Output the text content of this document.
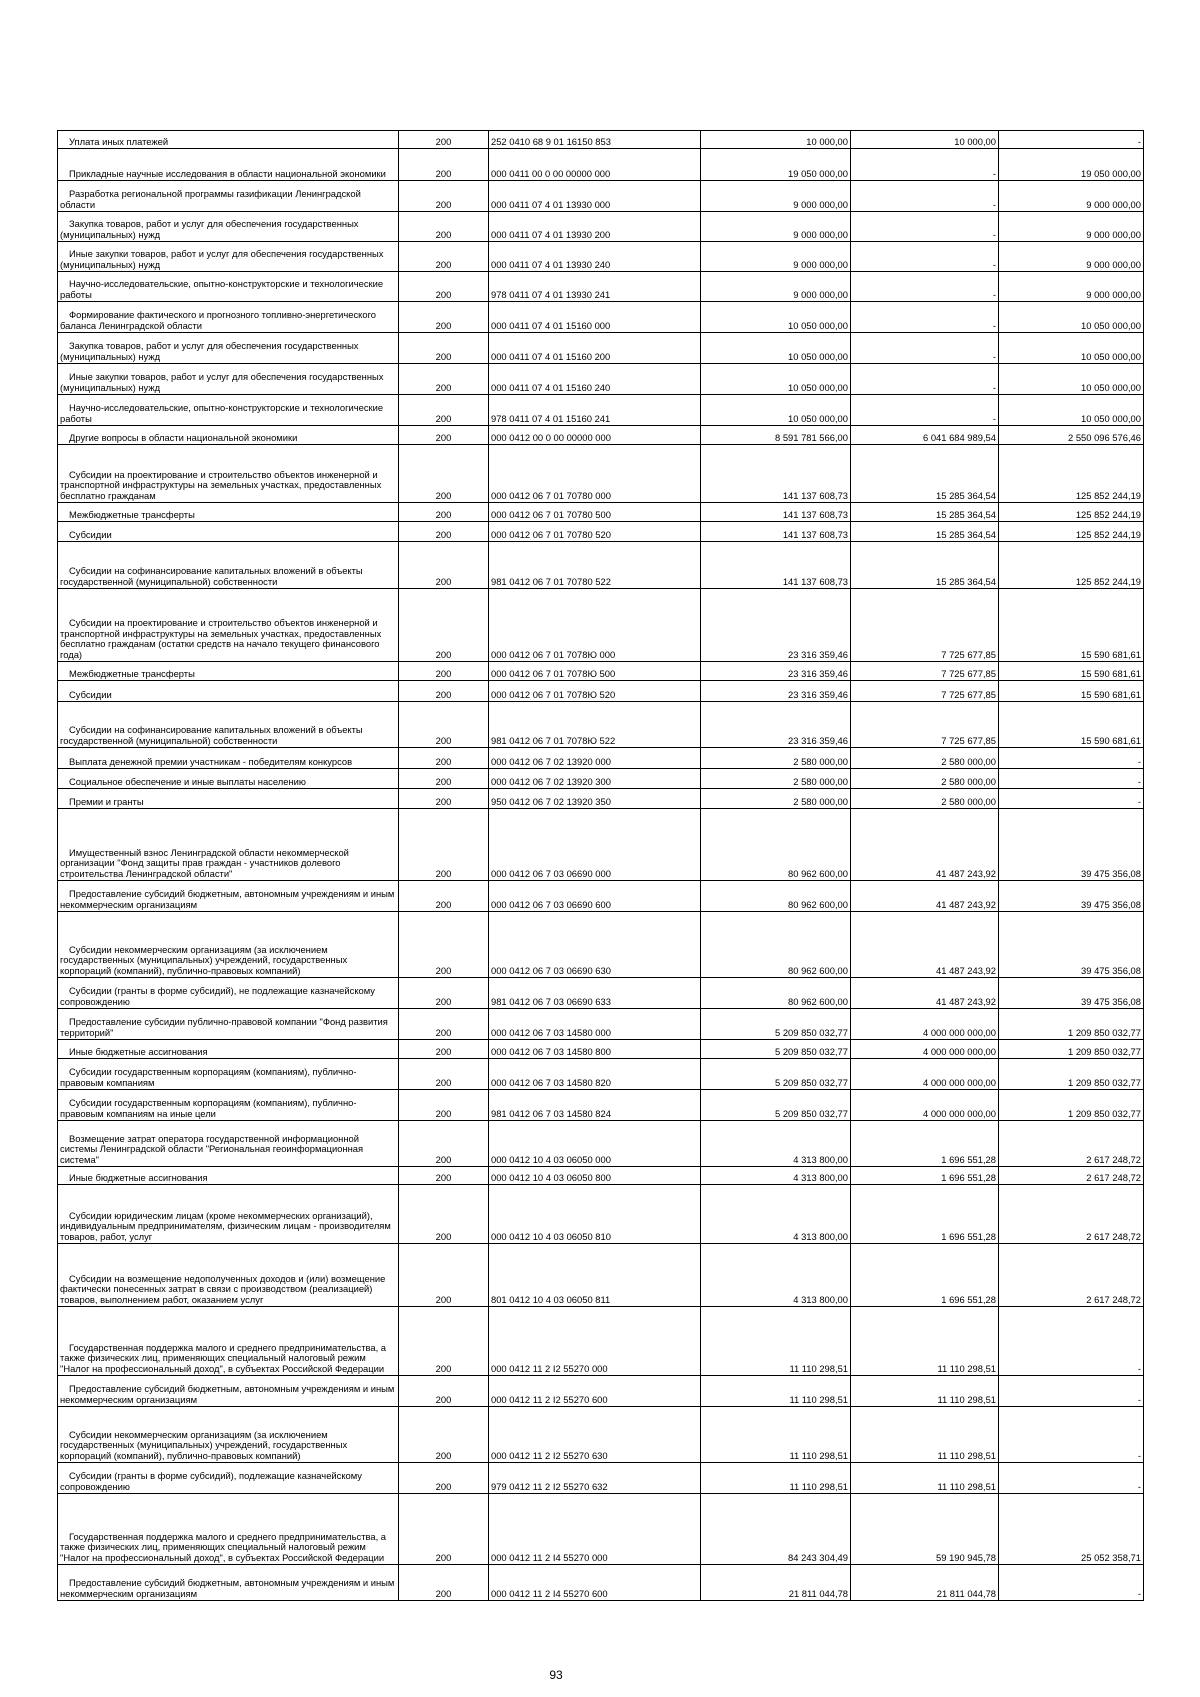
Уплата иных платежей	200	252 0410 68 9 01 16150 853	10 000,00	10 000,00	-
Прикладные научные исследования в области национальной экономики	200	000 0411 00 0 00 00000 000	19 050 000,00	-	19 050 000,00
Разработка региональной программы газификации Ленинградской области	200	000 0411 07 4 01 13930 000	9 000 000,00	-	9 000 000,00
Закупка товаров, работ и услуг для обеспечения государственных (муниципальных) нужд	200	000 0411 07 4 01 13930 200	9 000 000,00	-	9 000 000,00
Иные закупки товаров, работ и услуг для обеспечения государственных (муниципальных) нужд	200	000 0411 07 4 01 13930 240	9 000 000,00	-	9 000 000,00
Научно-исследовательские, опытно-конструкторские и технологические работы	200	978 0411 07 4 01 13930 241	9 000 000,00	-	9 000 000,00
Формирование фактического и прогнозного топливно-энергетического баланса Ленинградской области	200	000 0411 07 4 01 15160 000	10 050 000,00	-	10 050 000,00
Закупка товаров, работ и услуг для обеспечения государственных (муниципальных) нужд	200	000 0411 07 4 01 15160 200	10 050 000,00	-	10 050 000,00
Иные закупки товаров, работ и услуг для обеспечения государственных (муниципальных) нужд	200	000 0411 07 4 01 15160 240	10 050 000,00	-	10 050 000,00
Научно-исследовательские, опытно-конструкторские и технологические работы	200	978 0411 07 4 01 15160 241	10 050 000,00	-	10 050 000,00
Другие вопросы в области национальной экономики	200	000 0412 00 0 00 00000 000	8 591 781 566,00	6 041 684 989,54	2 550 096 576,46
Субсидии на проектирование и строительство объектов инженерной и транспортной инфраструктуры на земельных участках, предоставленных бесплатно гражданам	200	000 0412 06 7 01 70780 000	141 137 608,73	15 285 364,54	125 852 244,19
Межбюджетные трансферты	200	000 0412 06 7 01 70780 500	141 137 608,73	15 285 364,54	125 852 244,19
Субсидии	200	000 0412 06 7 01 70780 520	141 137 608,73	15 285 364,54	125 852 244,19
Субсидии на софинансирование капитальных вложений в объекты государственной (муниципальной) собственности	200	981 0412 06 7 01 70780 522	141 137 608,73	15 285 364,54	125 852 244,19
Субсидии на проектирование и строительство объектов инженерной и транспортной инфраструктуры на земельных участках, предоставленных бесплатно гражданам (остатки средств на начало текущего финансового года)	200	000 0412 06 7 01 7078Ю 000	23 316 359,46	7 725 677,85	15 590 681,61
Межбюджетные трансферты	200	000 0412 06 7 01 7078Ю 500	23 316 359,46	7 725 677,85	15 590 681,61
Субсидии	200	000 0412 06 7 01 7078Ю 520	23 316 359,46	7 725 677,85	15 590 681,61
Субсидии на софинансирование капитальных вложений в объекты государственной (муниципальной) собственности	200	981 0412 06 7 01 7078Ю 522	23 316 359,46	7 725 677,85	15 590 681,61
Выплата денежной премии участникам - победителям конкурсов	200	000 0412 06 7 02 13920 000	2 580 000,00	2 580 000,00	-
Социальное обеспечение и иные выплаты населению	200	000 0412 06 7 02 13920 300	2 580 000,00	2 580 000,00	-
Премии и гранты	200	950 0412 06 7 02 13920 350	2 580 000,00	2 580 000,00	-
Имущественный взнос Ленинградской области некоммерческой организации "Фонд защиты прав граждан - участников долевого строительства Ленинградской области"	200	000 0412 06 7 03 06690 000	80 962 600,00	41 487 243,92	39 475 356,08
Предоставление субсидий бюджетным, автономным учреждениям и иным некоммерческим организациям	200	000 0412 06 7 03 06690 600	80 962 600,00	41 487 243,92	39 475 356,08
Субсидии некоммерческим организациям (за исключением государственных (муниципальных) учреждений, государственных корпораций (компаний), публично-правовых компаний)	200	000 0412 06 7 03 06690 630	80 962 600,00	41 487 243,92	39 475 356,08
Субсидии (гранты в форме субсидий), не подлежащие казначейскому сопровождению	200	981 0412 06 7 03 06690 633	80 962 600,00	41 487 243,92	39 475 356,08
Предоставление субсидии публично-правовой компании "Фонд развития территорий"	200	000 0412 06 7 03 14580 000	5 209 850 032,77	4 000 000 000,00	1 209 850 032,77
Иные бюджетные ассигнования	200	000 0412 06 7 03 14580 800	5 209 850 032,77	4 000 000 000,00	1 209 850 032,77
Субсидии государственным корпорациям (компаниям), публично-правовым компаниям	200	000 0412 06 7 03 14580 820	5 209 850 032,77	4 000 000 000,00	1 209 850 032,77
Субсидии государственным корпорациям (компаниям), публично-правовым компаниям на иные цели	200	981 0412 06 7 03 14580 824	5 209 850 032,77	4 000 000 000,00	1 209 850 032,77
Возмещение затрат оператора государственной информационной системы Ленинградской области "Региональная геоинформационная система"	200	000 0412 10 4 03 06050 000	4 313 800,00	1 696 551,28	2 617 248,72
Иные бюджетные ассигнования	200	000 0412 10 4 03 06050 800	4 313 800,00	1 696 551,28	2 617 248,72
Субсидии юридическим лицам (кроме некоммерческих организаций), индивидуальным предпринимателям, физическим лицам - производителям товаров, работ, услуг	200	000 0412 10 4 03 06050 810	4 313 800,00	1 696 551,28	2 617 248,72
Субсидии на возмещение недополученных доходов и (или) возмещение фактически понесенных затрат в связи с производством (реализацией) товаров, выполнением работ, оказанием услуг	200	801 0412 10 4 03 06050 811	4 313 800,00	1 696 551,28	2 617 248,72
Государственная поддержка малого и среднего предпринимательства, а также физических лиц, применяющих специальный налоговый режим "Налог на профессиональный доход", в субъектах Российской Федерации	200	000 0412 11 2 I2 55270 000	11 110 298,51	11 110 298,51	-
Предоставление субсидий бюджетным, автономным учреждениям и иным некоммерческим организациям	200	000 0412 11 2 I2 55270 600	11 110 298,51	11 110 298,51	-
Субсидии некоммерческим организациям (за исключением государственных (муниципальных) учреждений, государственных корпораций (компаний), публично-правовых компаний)	200	000 0412 11 2 I2 55270 630	11 110 298,51	11 110 298,51	-
Субсидии (гранты в форме субсидий), подлежащие казначейскому сопровождению	200	979 0412 11 2 I2 55270 632	11 110 298,51	11 110 298,51	-
Государственная поддержка малого и среднего предпринимательства, а также физических лиц, применяющих специальный налоговый режим "Налог на профессиональный доход", в субъектах Российской Федерации	200	000 0412 11 2 I4 55270 000	84 243 304,49	59 190 945,78	25 052 358,71
Предоставление субсидий бюджетным, автономным учреждениям и иным некоммерческим организациям	200	000 0412 11 2 I4 55270 600	21 811 044,78	21 811 044,78	-
93
